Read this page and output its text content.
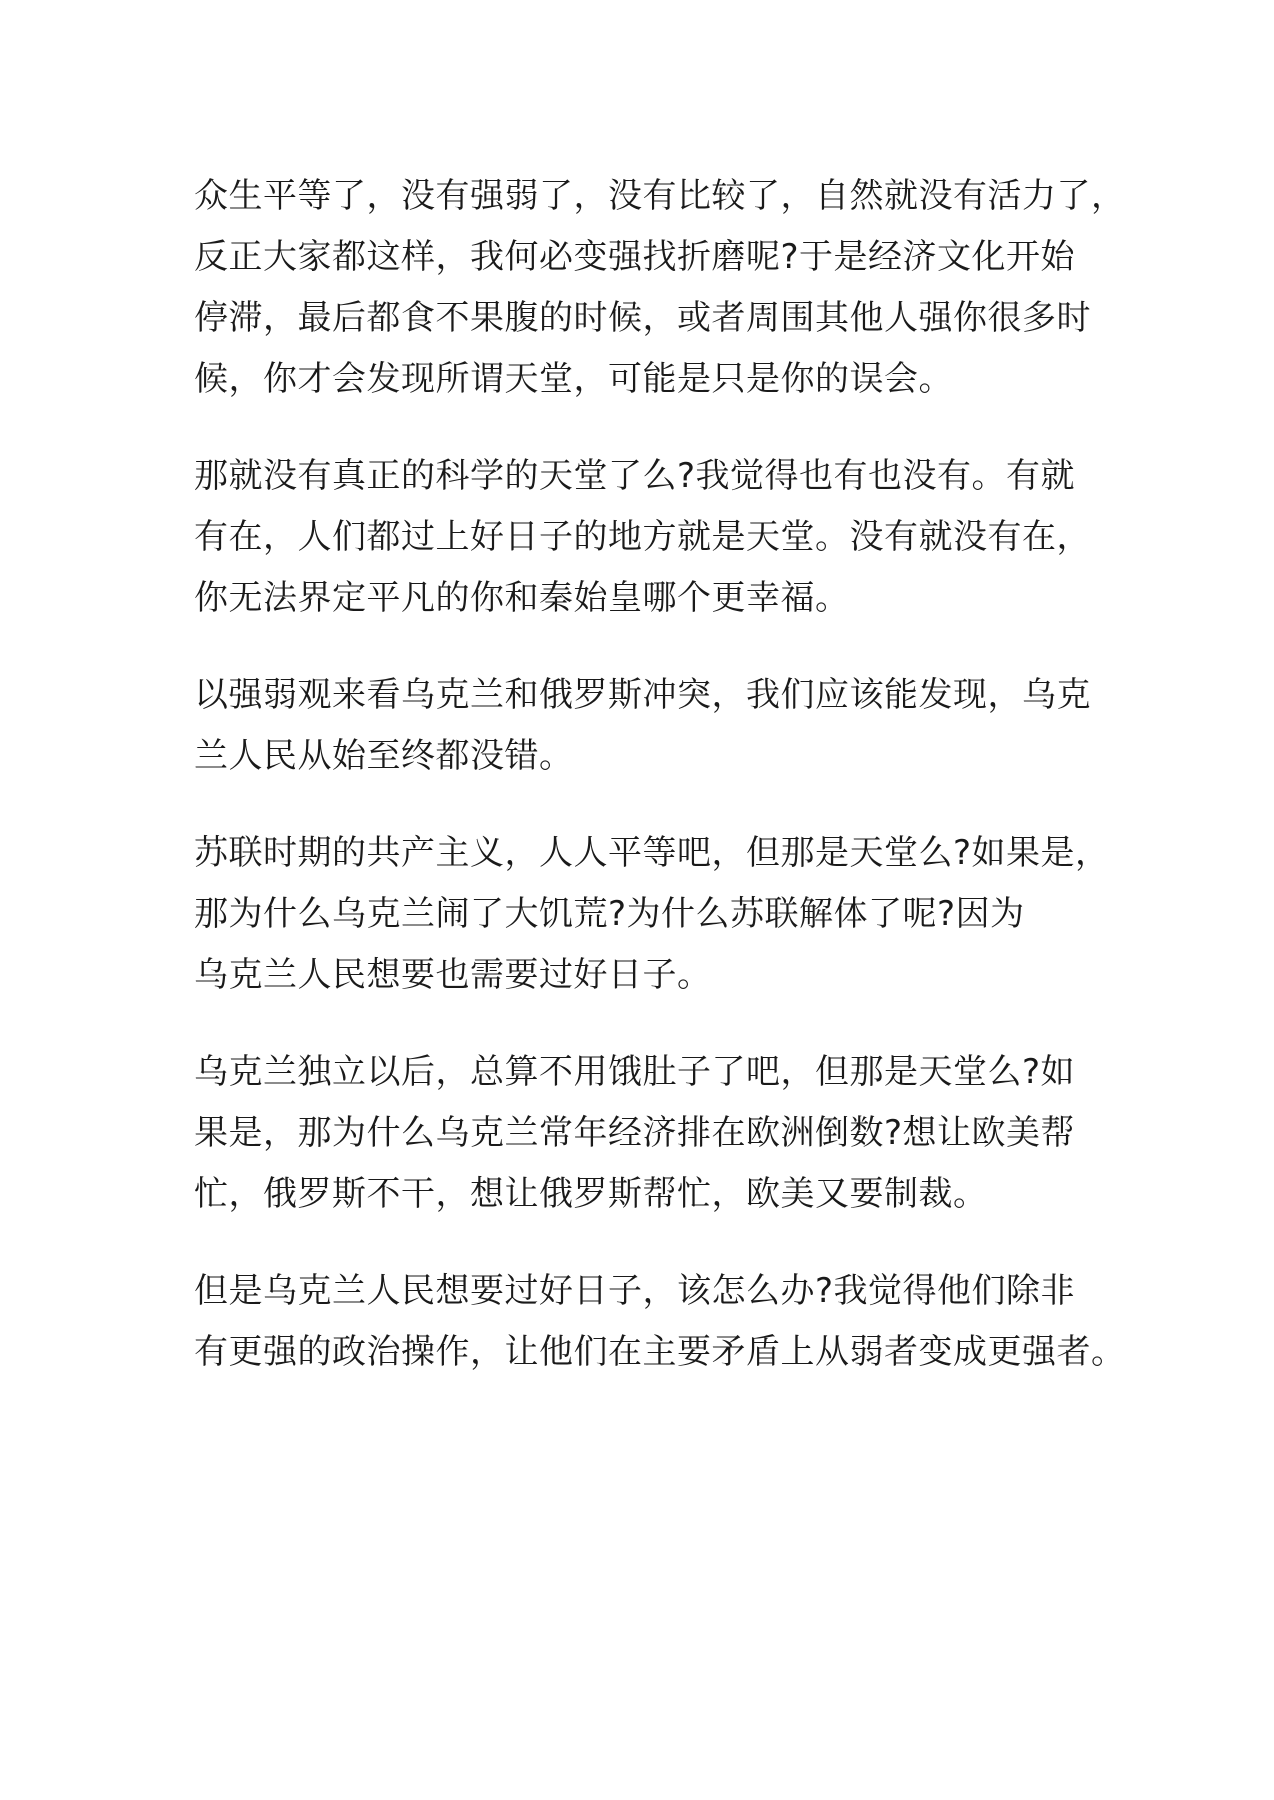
众生平等了，没有强弱了，没有比较了，自然就没有活力了，
反正大家都这样，我何必变强找折磨呢?于是经济文化开始
停滞，最后都食不果腹的时候，或者周围其他人强你很多时
候，你才会发现所谓天堂，可能是只是你的误会。
那就没有真正的科学的天堂了么?我觉得也有也没有。有就
有在，人们都过上好日子的地方就是天堂。没有就没有在，
你无法界定平凡的你和秦始皇哪个更幸福。
以强弱观来看乌克兰和俄罗斯冲突，我们应该能发现，乌克
兰人民从始至终都没错。
苏联时期的共产主义，人人平等吧，但那是天堂么?如果是，
那为什么乌克兰闹了大饥荒?为什么苏联解体了呢?因为
乌克兰人民想要也需要过好日子。
乌克兰独立以后，总算不用饿肚子了吧，但那是天堂么?如
果是，那为什么乌克兰常年经济排在欧洲倒数?想让欧美帮
忙，俄罗斯不干，想让俄罗斯帮忙，欧美又要制裁。
但是乌克兰人民想要过好日子，该怎么办?我觉得他们除非
有更强的政治操作，让他们在主要矛盾上从弱者变成更强者。
